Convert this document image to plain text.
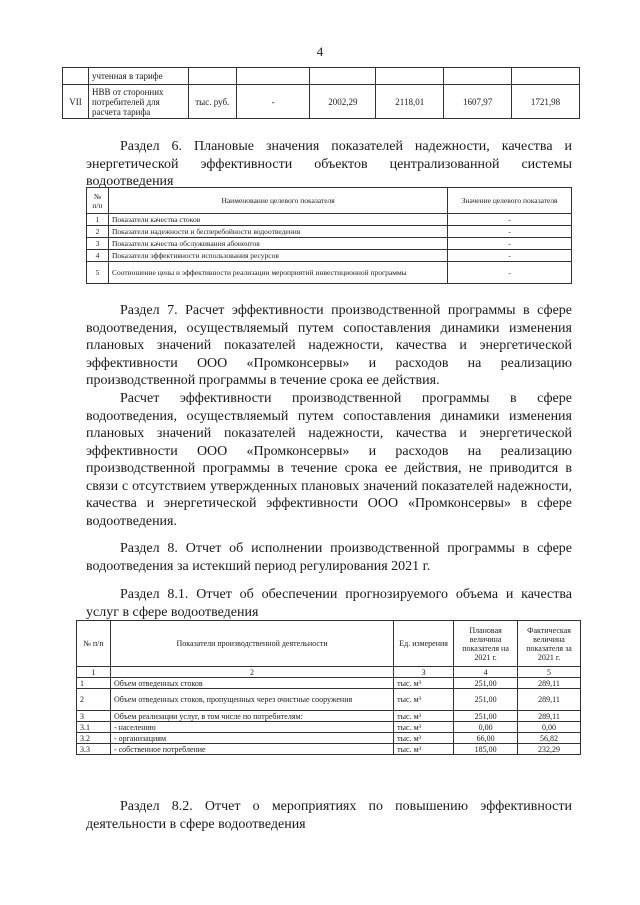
4
	учтенная в тарифе						
VII	НВВ от сторонних потребителей для расчета тарифа	тыс. руб.	-	2002,29	2118,01	1607,97	1721,98
Раздел 6. Плановые значения показателей надежности, качества и энергетической эффективности объектов централизованной системы водоотведения
№ п/п	Наименование целевого показателя	Значение целевого показателя
1	Показатели качества стоков	-
2	Показатели надежности и бесперебойности водоотведения	-
3	Показатели качества обслуживания абонентов	-
4	Показатели эффективности использования ресурсов	-
5	Соотношение цены и эффективности реализации мероприятий инвестиционной программы	-
Раздел 7. Расчет эффективности производственной программы в сфере водоотведения, осуществляемый путем сопоставления динамики изменения плановых значений показателей надежности, качества и энергетической эффективности ООО «Промконсервы» и расходов на реализацию производственной программы в течение срока ее действия.
Расчет эффективности производственной программы в сфере водоотведения, осуществляемый путем сопоставления динамики изменения плановых значений показателей надежности, качества и энергетической эффективности ООО «Промконсервы» и расходов на реализацию производственной программы в течение срока ее действия, не приводится в связи с отсутствием утвержденных плановых значений показателей надежности, качества и энергетической эффективности ООО «Промконсервы» в сфере водоотведения.
Раздел 8. Отчет об исполнении производственной программы в сфере водоотведения за истекший период регулирования 2021 г.
Раздел 8.1. Отчет об обеспечении прогнозируемого объема и качества услуг в сфере водоотведения
№ п/п	Показатели производственной деятельности	Ед. измерения	Плановая величина показателя на 2021 г.	Фактическая величина показателя за 2021 г.
1	2	3	4	5
1	Объем отведенных стоков	тыс. м³	251,00	289,11
2	Объем отведенных стоков, пропущенных через очистные сооружения	тыс. м³	251,00	289,11
3	Объем реализации услуг, в том числе по потребителям:	тыс. м³	251,00	289,11
3.1	- населению	тыс. м³	0,00	0,00
3.2	- организациям	тыс. м³	66,00	56,82
3.3	- собственное потребление	тыс. м³	185,00	232,29
Раздел 8.2. Отчет о мероприятиях по повышению эффективности деятельности в сфере водоотведения
